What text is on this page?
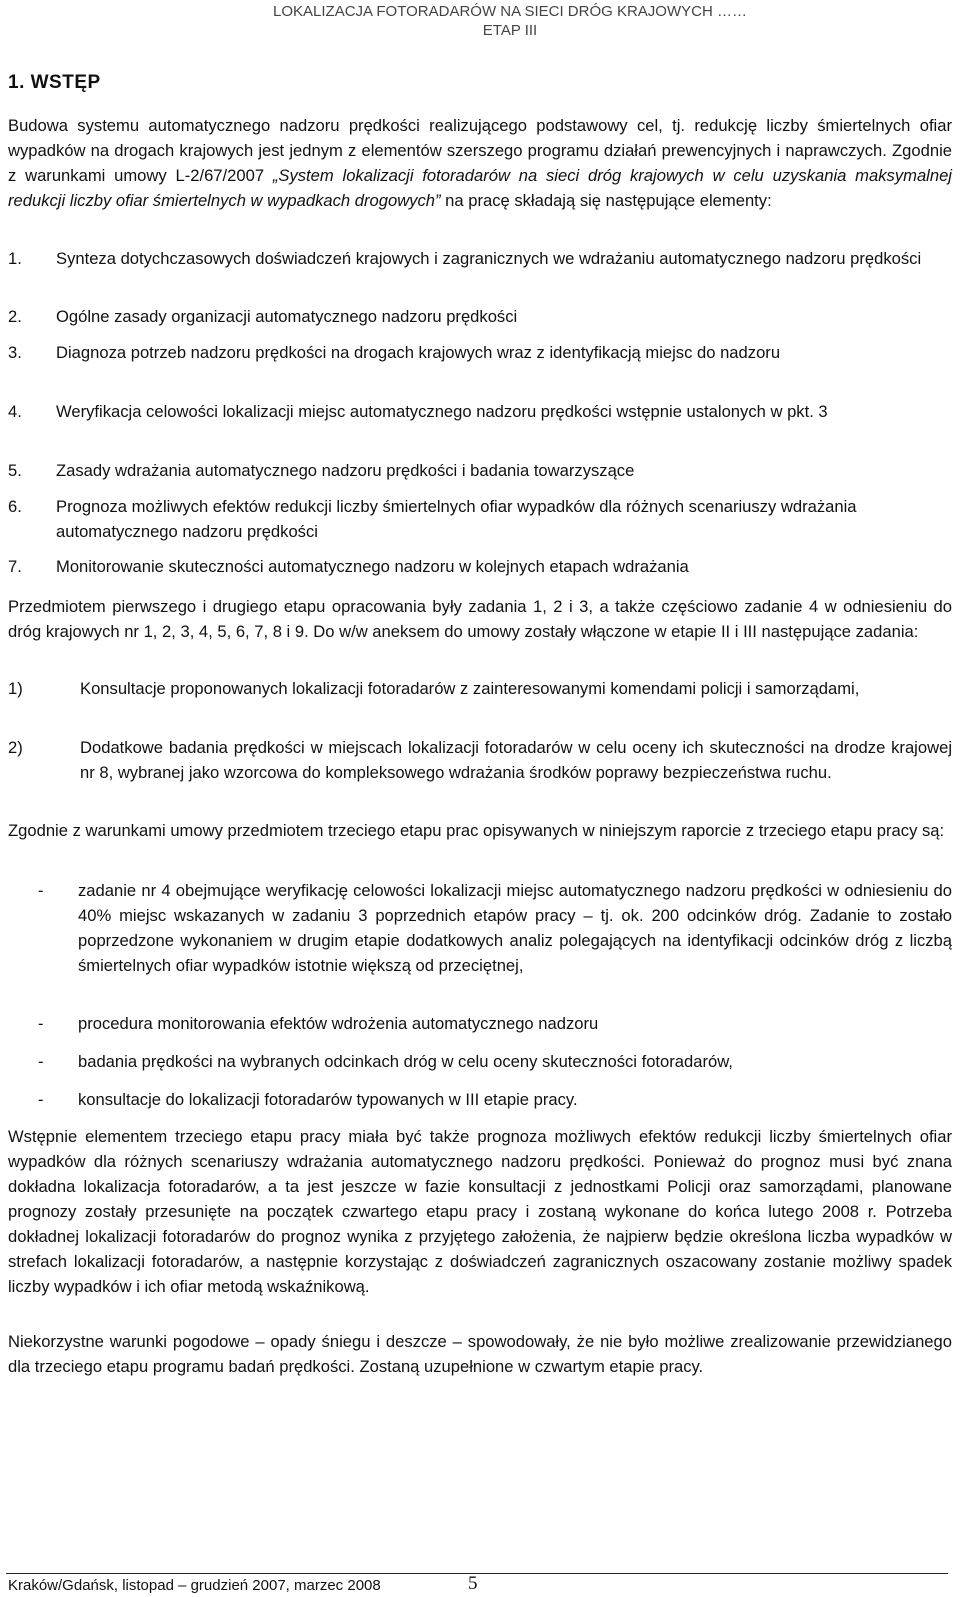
LOKALIZACJA FOTORADARÓW NA SIECI DRÓG KRAJOWYCH ……
ETAP III
1. WSTĘP

Budowa systemu automatycznego nadzoru prędkości realizującego podstawowy cel, tj. redukcję liczby śmiertelnych ofiar wypadków na drogach krajowych jest jednym z elementów szerszego programu działań prewencyjnych i naprawczych. Zgodnie z warunkami umowy L-2/67/2007 „System lokalizacji fotoradarów na sieci dróg krajowych w celu uzyskania maksymalnej redukcji liczby ofiar śmiertelnych w wypadkach drogowych” na pracę składają się następujące elementy:

1.	Synteza dotychczasowych doświadczeń krajowych i zagranicznych we wdrażaniu automatycznego nadzoru prędkości
2.	Ogólne zasady organizacji automatycznego nadzoru prędkości
3.	Diagnoza potrzeb nadzoru prędkości na drogach krajowych wraz z identyfikacją miejsc do nadzoru
4.	Weryfikacja celowości lokalizacji miejsc automatycznego nadzoru prędkości wstępnie ustalonych w pkt. 3
5.	Zasady wdrażania automatycznego nadzoru prędkości i badania towarzyszące
6.	Prognoza możliwych efektów redukcji liczby śmiertelnych ofiar wypadków dla różnych scenariuszy wdrażania automatycznego nadzoru prędkości
7.	Monitorowanie skuteczności automatycznego nadzoru w kolejnych etapach wdrażania

Przedmiotem pierwszego i drugiego etapu opracowania były zadania 1, 2 i 3, a także częściowo zadanie 4 w odniesieniu do dróg krajowych nr 1, 2, 3, 4, 5, 6, 7, 8 i 9. Do w/w aneksem do umowy zostały włączone w etapie II i III następujące zadania:

1)	Konsultacje proponowanych lokalizacji fotoradarów z zainteresowanymi komendami policji i samorządami,
2)	Dodatkowe badania prędkości w miejscach lokalizacji fotoradarów w celu oceny ich skuteczności na drodze krajowej nr 8, wybranej jako wzorcowa do kompleksowego wdrażania środków poprawy bezpieczeństwa ruchu.

Zgodnie z warunkami umowy przedmiotem trzeciego etapu prac opisywanych w niniejszym raporcie z trzeciego etapu pracy są:

- zadanie nr 4 obejmujące weryfikację celowości lokalizacji miejsc automatycznego nadzoru prędkości w odniesieniu do 40% miejsc wskazanych w zadaniu 3 poprzednich etapów pracy – tj. ok. 200 odcinków dróg. Zadanie to zostało poprzedzone wykonaniem w drugim etapie dodatkowych analiz polegających na identyfikacji odcinków dróg z liczbą śmiertelnych ofiar wypadków istotnie większą od przeciętnej,
- procedura monitorowania efektów wdrożenia automatycznego nadzoru
- badania prędkości na wybranych odcinkach dróg w celu oceny skuteczności fotoradarów,
- konsultacje do lokalizacji fotoradarów typowanych w III etapie pracy.

Wstępnie elementem trzeciego etapu pracy miała być także prognoza możliwych efektów redukcji liczby śmiertelnych ofiar wypadków dla różnych scenariuszy wdrażania automatycznego nadzoru prędkości. Ponieważ do prognoz musi być znana dokładna lokalizacja fotoradarów, a ta jest jeszcze w fazie konsultacji z jednostkami Policji oraz samorządami, planowane prognozy zostały przesunięte na początek czwartego etapu pracy i zostaną wykonane do końca lutego 2008 r. Potrzeba dokładnej lokalizacji fotoradarów do prognoz wynika z przyjętego założenia, że najpierw będzie określona liczba wypadków w strefach lokalizacji fotoradarów, a następnie korzystając z doświadczeń zagranicznych oszacowany zostanie możliwy spadek liczby wypadków i ich ofiar metodą wskaźnikową.

Niekorzystne warunki pogodowe – opady śniegu i deszcze – spowodowały, że nie było możliwe zrealizowanie przewidzianego dla trzeciego etapu programu badań prędkości. Zostaną uzupełnione w czwartym etapie pracy.

Kraków/Gdańsk, listopad – grudzień 2007, marzec 2008	5
